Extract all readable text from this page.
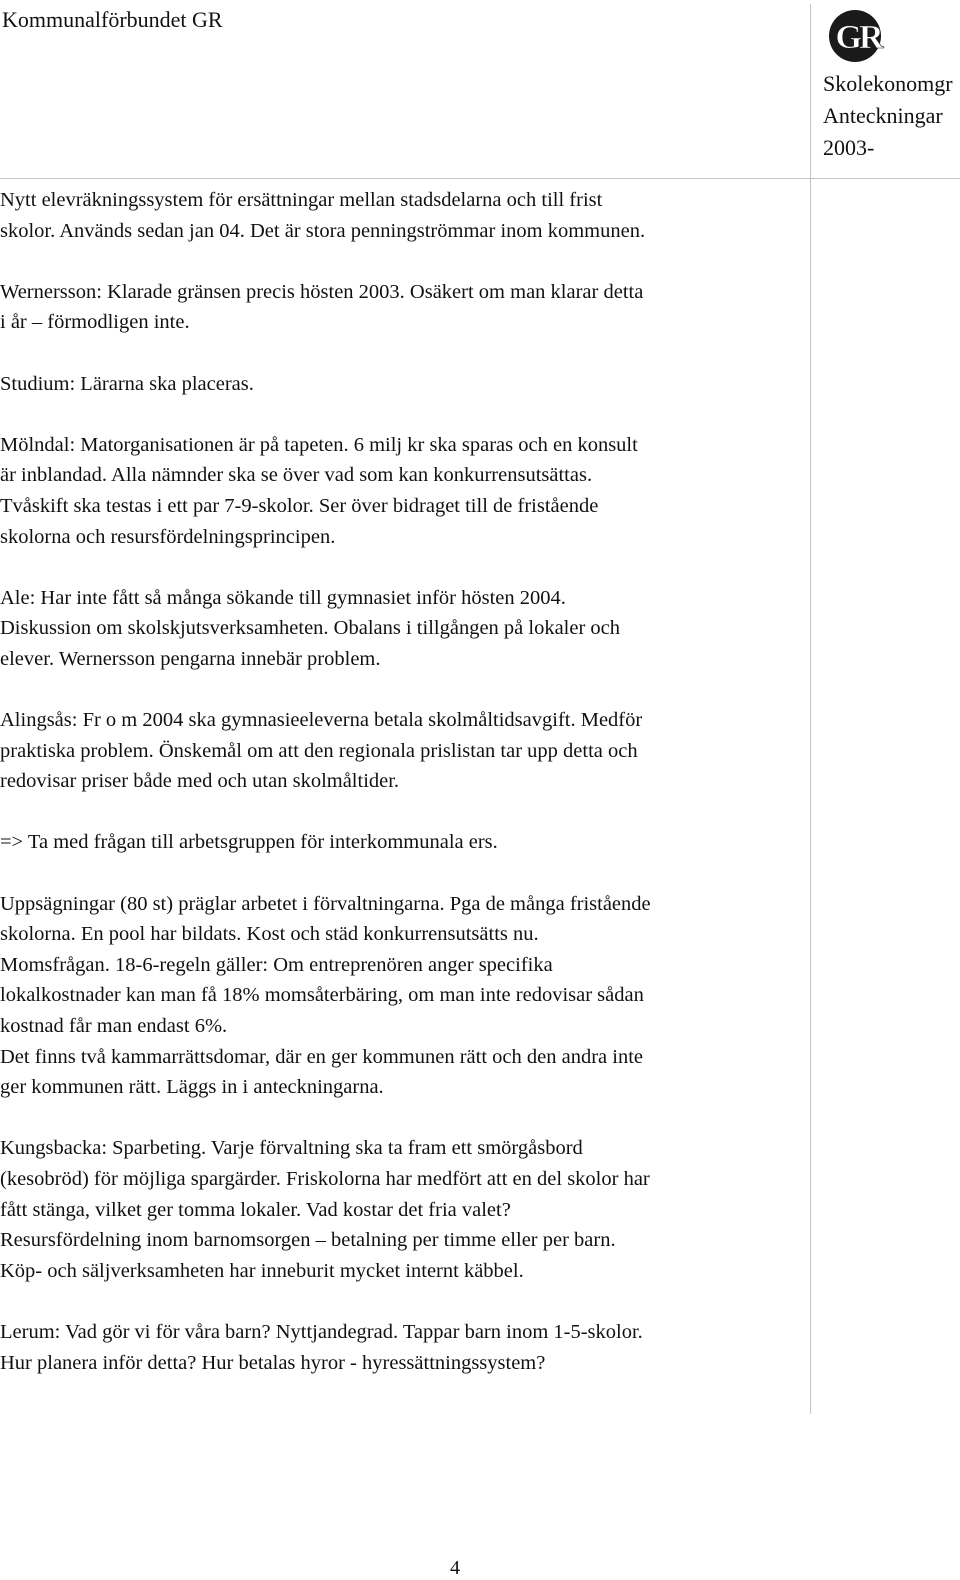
Kommunalförbundet GR	GR
Skolekonomgr
Anteckningar
2003-

Nytt elevräkningssystem för ersättningar mellan stadsdelarna och till frist
skolor. Används sedan jan 04. Det är stora penningströmmar inom kommunen.

Wernersson: Klarade gränsen precis hösten 2003. Osäkert om man klarar detta
i år – förmodligen inte.

Studium: Lärarna ska placeras.

Mölndal: Matorganisationen är på tapeten. 6 milj kr ska sparas och en konsult
är inblandad. Alla nämnder ska se över vad som kan konkurrensutsättas.
Tvåskift ska testas i ett par 7-9-skolor. Ser över bidraget till de fristående
skolorna och resursfördelningsprincipen.

Ale: Har inte fått så många sökande till gymnasiet inför hösten 2004.
Diskussion om skolskjutsverksamheten. Obalans i tillgången på lokaler och
elever. Wernersson pengarna innebär problem.

Alingsås: Fr o m 2004 ska gymnasieeleverna betala skolmåltidsavgift. Medför
praktiska problem. Önskemål om att den regionala prislistan tar upp detta och
redovisar priser både med och utan skolmåltider.

=> Ta med frågan till arbetsgruppen för interkommunala ers.

Uppsägningar (80 st) präglar arbetet i förvaltningarna. Pga de många fristående
skolorna. En pool har bildats. Kost och städ konkurrensutsätts nu.
Momsfrågan. 18-6-regeln gäller: Om entreprenören anger specifika
lokalkostnader kan man få 18% momsåterbäring, om man inte redovisar sådan
kostnad får man endast 6%.
Det finns två kammarrättsdomar, där en ger kommunen rätt och den andra inte
ger kommunen rätt. Läggs in i anteckningarna.

Kungsbacka: Sparbeting. Varje förvaltning ska ta fram ett smörgåsbord
(kesobröd) för möjliga spargärder. Friskolorna har medfört att en del skolor har
fått stänga, vilket ger tomma lokaler. Vad kostar det fria valet?
Resursfördelning inom barnomsorgen – betalning per timme eller per barn.
Köp- och säljverksamheten har inneburit mycket internt käbbel.

Lerum: Vad gör vi för våra barn? Nyttjandegrad. Tappar barn inom 1-5-skolor.
Hur planera inför detta? Hur betalas hyror - hyressättningssystem?

4
